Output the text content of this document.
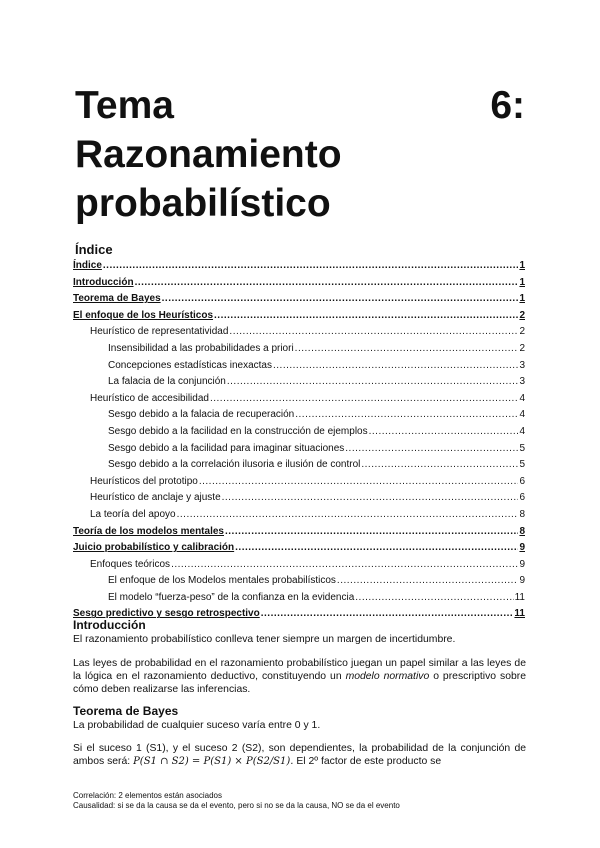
Tema	6:
Razonamiento
probabilístico
Índice
Índice .....	1
Introducción .....	1
Teorema de Bayes .....	1
El enfoque de los Heurísticos .....	2
Heurístico de representatividad .....	2
Insensibilidad a las probabilidades a priori .....	2
Concepciones estadísticas inexactas .....	3
La falacia de la conjunción .....	3
Heurístico de accesibilidad .....	4
Sesgo debido a la falacia de recuperación .....	4
Sesgo debido a la facilidad en la construcción de ejemplos .....	4
Sesgo debido a la facilidad para imaginar situaciones .....	5
Sesgo debido a la correlación ilusoria e ilusión de control .....	5
Heurísticos del prototipo .....	6
Heurístico de anclaje y ajuste .....	6
La teoría del apoyo .....	8
Teoría de los modelos mentales .....	8
Juicio probabilístico y calibración .....	9
Enfoques teóricos .....	9
El enfoque de los Modelos mentales probabilísticos .....	9
El modelo “fuerza-peso” de la confianza en la evidencia .....	11
Sesgo predictivo y sesgo retrospectivo .....	11
Introducción
El razonamiento probabilístico conlleva tener siempre un margen de incertidumbre.
Las leyes de probabilidad en el razonamiento probabilístico juegan un papel similar a las leyes de la lógica en el razonamiento deductivo, constituyendo un modelo normativo o prescriptivo sobre cómo deben realizarse las inferencias.
Teorema de Bayes
La probabilidad de cualquier suceso varía entre 0 y 1.
Si el suceso 1 (S1), y el suceso 2 (S2), son dependientes, la probabilidad de la conjunción de ambos será: P(S1 ∩ S2) = P(S1) × P(S2/S1). El 2º factor de este producto se
Correlación: 2 elementos están asociados
Causalidad: si se da la causa se da el evento, pero si no se da la causa, NO se da el evento
